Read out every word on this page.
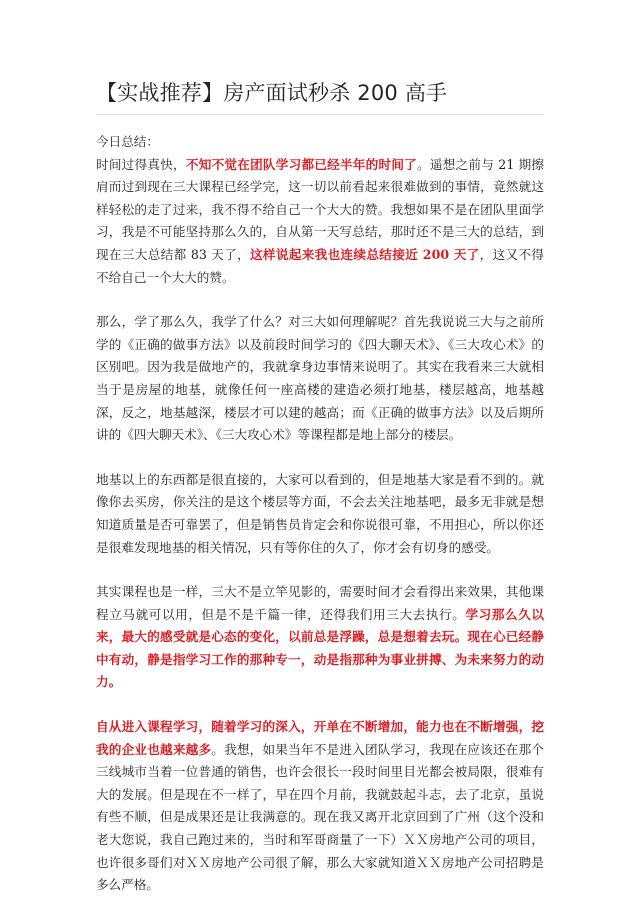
【实战推荐】房产面试秒杀 200 高手

今日总结：

时间过得真快，不知不觉在团队学习都已经半年的时间了。遥想之前与 21 期擦肩而过到现在三大课程已经学完，这一切以前看起来很难做到的事情，竟然就这样轻松的走了过来，我不得不给自己一个大大的赞。我想如果不是在团队里面学习，我是不可能坚持那么久的，自从第一天写总结，那时还不是三大的总结，到现在三大总结都 83 天了，这样说起来我也连续总结接近 200 天了，这又不得不给自己一个大大的赞。

那么，学了那么久，我学了什么？对三大如何理解呢？首先我说说三大与之前所学的《正确的做事方法》以及前段时间学习的《四大聊天术》、《三大攻心术》的区别吧。因为我是做地产的，我就拿身边事情来说明了。其实在我看来三大就相当于是房屋的地基，就像任何一座高楼的建造必须打地基，楼层越高，地基越深，反之，地基越深，楼层才可以建的越高；而《正确的做事方法》以及后期所讲的《四大聊天术》、《三大攻心术》等课程都是地上部分的楼层。

地基以上的东西都是很直接的，大家可以看到的，但是地基大家是看不到的。就像你去买房，你关注的是这个楼层等方面，不会去关注地基吧，最多无非就是想知道质量是否可靠罢了，但是销售员肯定会和你说很可靠，不用担心，所以你还是很难发现地基的相关情况，只有等你住的久了，你才会有切身的感受。

其实课程也是一样，三大不是立竿见影的，需要时间才会看得出来效果，其他课程立马就可以用，但是不是千篇一律，还得我们用三大去执行。学习那么久以来，最大的感受就是心态的变化，以前总是浮躁，总是想着去玩。现在心已经静中有动，静是指学习工作的那种专一，动是指那种为事业拼搏、为未来努力的动力。

自从进入课程学习，随着学习的深入，开单在不断增加，能力也在不断增强，挖我的企业也越来越多。我想，如果当年不是进入团队学习，我现在应该还在那个三线城市当着一位普通的销售，也许会很长一段时间里目光都会被局限，很难有大的发展。但是现在不一样了，早在四个月前，我就鼓起斗志，去了北京，虽说有些不顺，但是成果还是让我满意的。现在我又离开北京回到了广州（这个没和老大您说，我自己跑过来的，当时和军哥商量了一下）ＸＸ房地产公司的项目，也许很多哥们对ＸＸ房地产公司很了解，那么大家就知道ＸＸ房地产公司招聘是多么严格。
